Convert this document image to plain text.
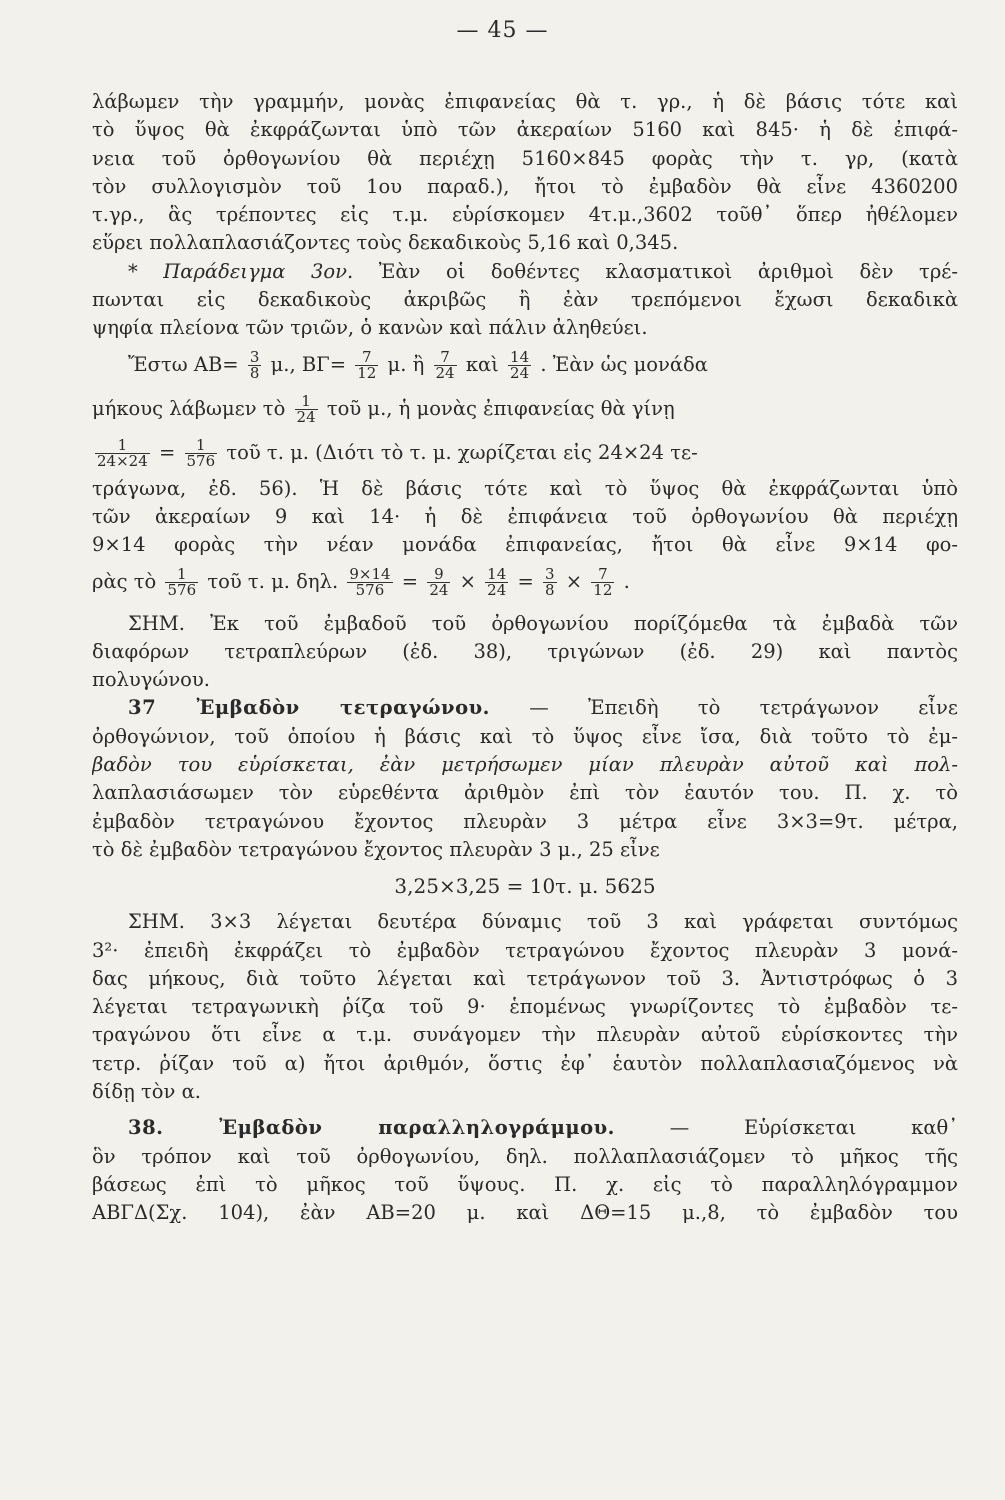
— 45 —
λάβωμεν τὴν γραμμήν, μονὰς ἐπιφανείας θὰ τ. γρ., ἡ δὲ βάσις τότε καὶ
τὸ ὕψος θὰ ἐκφράζωνται ὑπὸ τῶν ἀκεραίων 5160 καὶ 845· ἡ δὲ ἐπιφά-
νεια τοῦ ὀρθογωνίου θὰ περιέχῃ 5160×845 φορὰς τὴν τ. γρ, (κατὰ
τὸν συλλογισμὸν τοῦ 1ου παραδ.), ἤτοι τὸ ἐμβαδὸν θὰ εἶνε 4360200
τ.γρ., ἃς τρέποντες εἰς τ.μ. εὑρίσκομεν 4τ.μ.,3602 τοῦθ᾽ ὅπερ ἠθέλομεν
εὕρει πολλαπλασιάζοντες τοὺς δεκαδικοὺς 5,16 καὶ 0,345.
* Παράδειγμα 3ον. Ἐὰν οἱ δοθέντες κλασματικοὶ ἀριθμοὶ δὲν τρέ-
πωνται εἰς δεκαδικοὺς ἀκριβῶς ἢ ἐὰν τρεπόμενοι ἔχωσι δεκαδικὰ
ψηφία πλείονα τῶν τριῶν, ὁ κανὼν καὶ πάλιν ἀληθεύει.
Ἔστω $AB= \frac{3}{8} \mu$., $B\Gamma= \frac{7}{12} \mu$. ἢ $\frac{7}{24}$ καὶ $\frac{14}{24}$ . Ἐὰν ὡς μονάδα
μήκους λάβωμεν τὸ $\frac{1}{24}$ τοῦ μ., ἡ μονὰς ἐπιφανείας θὰ γίνῃ
$\frac{1}{24\times 24} = \frac{1}{576}$ τοῦ τ. μ. (Διότι τὸ τ. μ. χωρίζεται εἰς 24×24 τε-
τράγωνα, ἐδ. 56). Ἡ δὲ βάσις τότε καὶ τὸ ὕψος θὰ ἐκφράζωνται ὑπὸ
τῶν ἀκεραίων 9 καὶ 14· ἡ δὲ ἐπιφάνεια τοῦ ὀρθογωνίου θὰ περιέχῃ
9×14 φορὰς τὴν νέαν μονάδα ἐπιφανείας, ἤτοι θὰ εἶνε 9×14 φο-
ρὰς τὸ $\frac{1}{576}$ τοῦ τ. μ. δηλ. $\frac{9\times 14}{576} = \frac{9}{24} \times \frac{14}{24} = \frac{3}{8} \times \frac{7}{12}$ .
ΣΗΜ. Ἐκ τοῦ ἐμβαδοῦ τοῦ ὀρθογωνίου πορίζόμεθα τὰ ἐμβαδὰ τῶν
διαφόρων τετραπλεύρων (ἐδ. 38), τριγώνων (ἐδ. 29) καὶ παντὸς
πολυγώνου.
37 Ἐμβαδὸν τετραγώνου. — Ἐπειδὴ τὸ τετράγωνον εἶνε
ὀρθογώνιον, τοῦ ὁποίου ἡ βάσις καὶ τὸ ὕψος εἶνε ἴσα, διὰ τοῦτο τὸ ἐμ-
βαδὸν του εὑρίσκεται, ἐὰν μετρήσωμεν μίαν πλευρὰν αὐτοῦ καὶ πολ-
λαπλασιάσωμεν τὸν εὑρεθέντα ἀριθμὸν ἐπὶ τὸν ἑαυτόν του. Π. χ. τὸ
ἐμβαδὸν τετραγώνου ἔχοντος πλευρὰν 3 μέτρα εἶνε 3×3=9τ. μέτρα,
τὸ δὲ ἐμβαδὸν τετραγώνου ἔχοντος πλευρὰν 3 μ., 25 εἶνε
3,25×3,25 = 10τ. μ. 5625
ΣΗΜ. 3×3 λέγεται δευτέρα δύναμις τοῦ 3 καὶ γράφεται συντόμως
3²· ἐπειδὴ ἐκφράζει τὸ ἐμβαδὸν τετραγώνου ἔχοντος πλευρὰν 3 μονά-
δας μήκους, διὰ τοῦτο λέγεται καὶ τετράγωνον τοῦ 3. Ἀντιστρόφως ὁ 3
λέγεται τετραγωνικὴ ῥίζα τοῦ 9· ἑπομένως γνωρίζοντες τὸ ἐμβαδὸν τε-
τραγώνου ὅτι εἶνε α τ.μ. συνάγομεν τὴν πλευρὰν αὐτοῦ εὑρίσκοντες τὴν
τετρ. ῥίζαν τοῦ α) ἤτοι ἀριθμόν, ὅστις ἐφ᾽ ἑαυτὸν πολλαπλασιαζόμενος νὰ
δίδῃ τὸν α.
38. Ἐμβαδὸν παραλληλογράμμου.	— Εὑρίσκεται καθ᾽
ὃν τρόπον καὶ τοῦ ὀρθογωνίου, δηλ. πολλαπλασιάζομεν τὸ μῆκος τῆς
βάσεως ἐπὶ τὸ μῆκος τοῦ ὕψους. Π. χ. εἰς τὸ παραλληλόγραμμον
ΑΒΓΔ(Σχ. 104), ἐὰν ΑΒ=20 μ. καὶ ΔΘ=15 μ.,8, τὸ ἐμβαδὸν του
